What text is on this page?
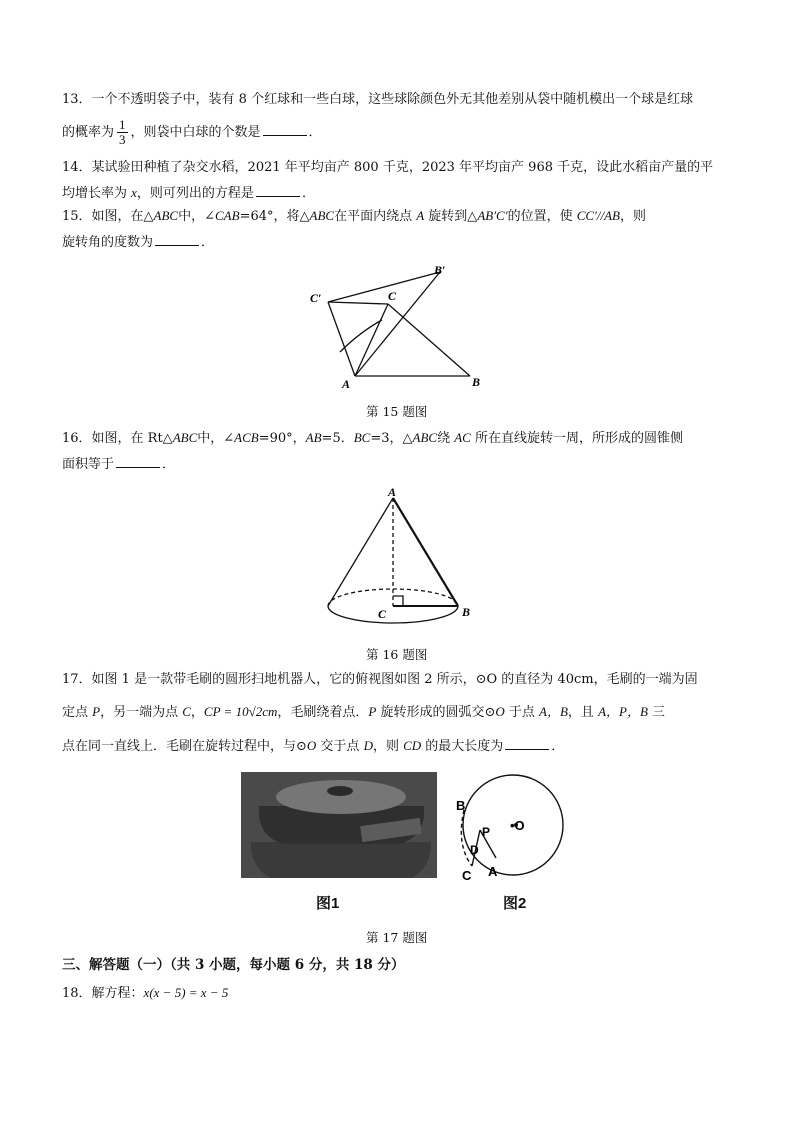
13．一个不透明袋子中，装有 8 个红球和一些白球，这些球除颜色外无其他差别从袋中随机模出一个球是红球
的概率为 $\frac{1}{3}$ ，则袋中白球的个数是	．
14．某试验田种植了杂交水稻，2021 年平均亩产 800 千克，2023 年平均亩产 968 千克，设此水稻亩产量的平
均增长率为 x，则可列出的方程是	．
15．如图，在△ABC中，∠CAB=64°，将△ABC在平面内绕点 A 旋转到△AB′C′的位置，使 CC′//AB，则
旋转角的度数为	．
C′	C
B′
A	B
第 15 题图
16．如图，在 Rt△ABC中，∠ACB=90°，AB=5．BC=3，△ABC绕 AC 所在直线旋转一周，所形成的圆锥侧
面积等于	．
A
C	B
第 16 题图
17．如图 1 是一款带毛刷的圆形扫地机器人，它的俯视图如图 2 所示，⊙O 的直径为 40cm，毛刷的一端为固
定点 P，另一端为点 C，CP = 10√2cm，毛刷绕着点．P 旋转形成的圆弧交⊙O 于点 A，B，且 A，P，B 三
点在同一直线上．毛刷在旋转过程中，与⊙O 交于点 D，则 CD 的最大长度为	．
B
P •O
D
C A
图1	图2
第 17 题图
三、解答题（一）（共 3 小题，每小题 6 分，共 18 分）
18．解方程：x(x − 5) = x − 5
